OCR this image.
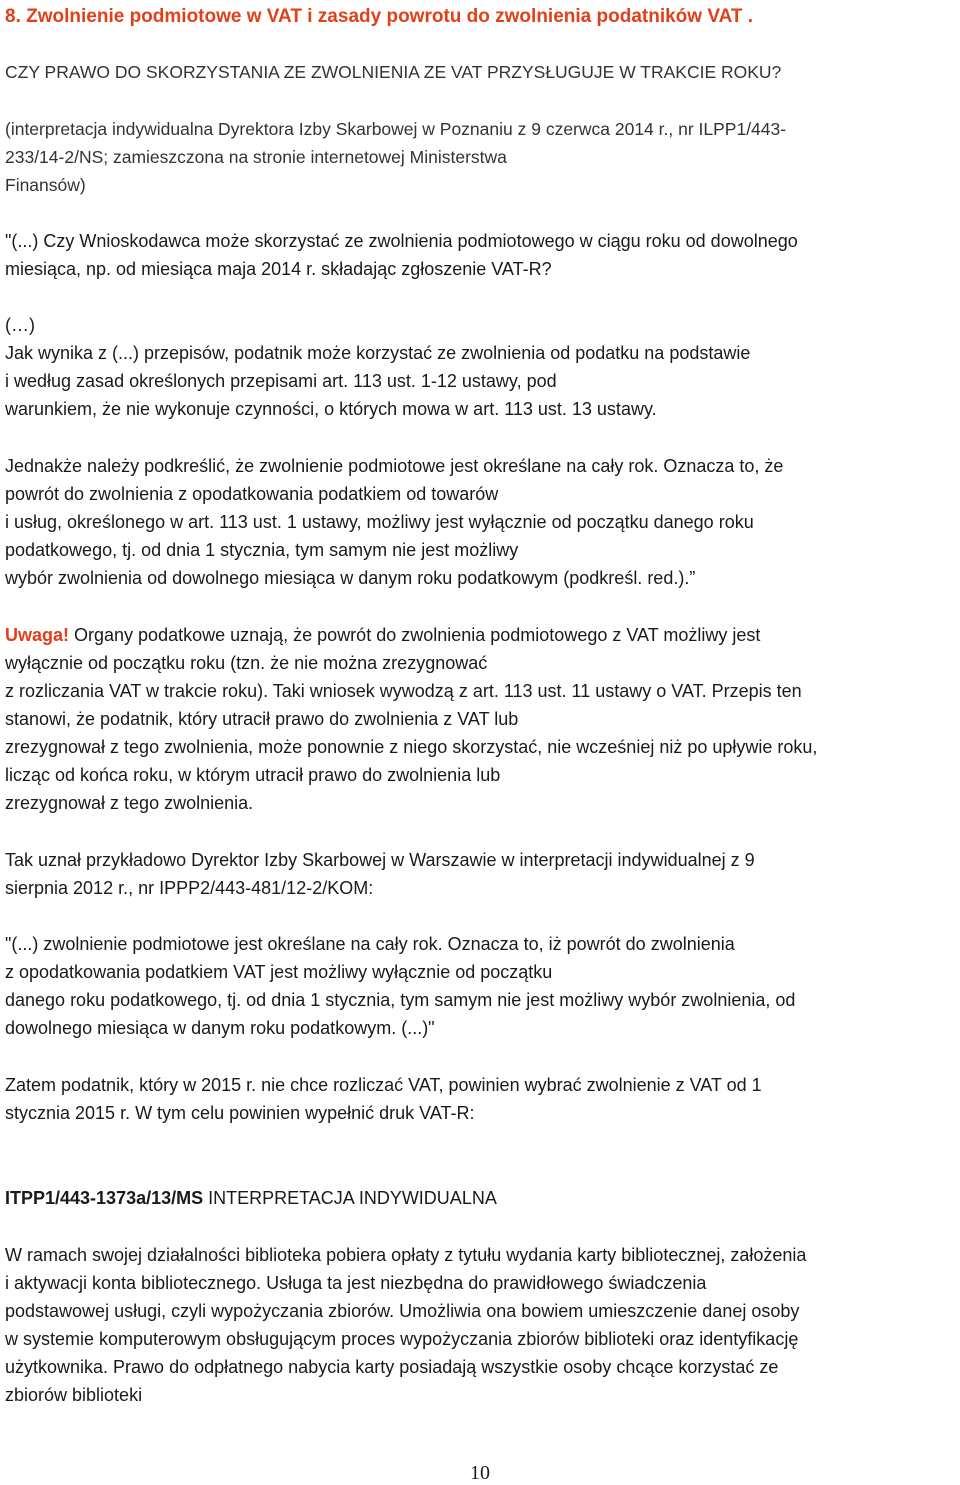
8. Zwolnienie podmiotowe w VAT i zasady powrotu do zwolnienia podatników VAT .
CZY PRAWO DO SKORZYSTANIA ZE ZWOLNIENIA ZE VAT PRZYSŁUGUJE W TRAKCIE ROKU?
(interpretacja indywidualna Dyrektora Izby Skarbowej w Poznaniu z 9 czerwca 2014 r., nr ILPP1/443-
233/14-2/NS; zamieszczona na stronie internetowej Ministerstwa
Finansów)
"(...) Czy Wnioskodawca może skorzystać ze zwolnienia podmiotowego w ciągu roku od dowolnego
miesiąca, np. od miesiąca maja 2014 r. składając zgłoszenie VAT-R?
(…)
Jak wynika z (...) przepisów, podatnik może korzystać ze zwolnienia od podatku na podstawie
i według zasad określonych przepisami art. 113 ust. 1-12 ustawy, pod
warunkiem, że nie wykonuje czynności, o których mowa w art. 113 ust. 13 ustawy.
Jednakże należy podkreślić, że zwolnienie podmiotowe jest określane na cały rok. Oznacza to, że
powrót do zwolnienia z opodatkowania podatkiem od towarów
i usług, określonego w art. 113 ust. 1 ustawy, możliwy jest wyłącznie od początku danego roku
podatkowego, tj. od dnia 1 stycznia, tym samym nie jest możliwy
wybór zwolnienia od dowolnego miesiąca w danym roku podatkowym (podkreśl. red.).”
Uwaga! Organy podatkowe uznają, że powrót do zwolnienia podmiotowego z VAT możliwy jest
wyłącznie od początku roku (tzn. że nie można zrezygnować
z rozliczania VAT w trakcie roku). Taki wniosek wywodzą z art. 113 ust. 11 ustawy o VAT. Przepis ten
stanowi, że podatnik, który utracił prawo do zwolnienia z VAT lub
zrezygnował z tego zwolnienia, może ponownie z niego skorzystać, nie wcześniej niż po upływie roku,
licząc od końca roku, w którym utracił prawo do zwolnienia lub
zrezygnował z tego zwolnienia.
Tak uznał przykładowo Dyrektor Izby Skarbowej w Warszawie w interpretacji indywidualnej z 9
sierpnia 2012 r., nr IPPP2/443-481/12-2/KOM:
"(...) zwolnienie podmiotowe jest określane na cały rok. Oznacza to, iż powrót do zwolnienia
z opodatkowania podatkiem VAT jest możliwy wyłącznie od początku
danego roku podatkowego, tj. od dnia 1 stycznia, tym samym nie jest możliwy wybór zwolnienia, od
dowolnego miesiąca w danym roku podatkowym. (...)"
Zatem podatnik, który w 2015 r. nie chce rozliczać VAT, powinien wybrać zwolnienie z VAT od 1
stycznia 2015 r. W tym celu powinien wypełnić druk VAT-R:
ITPP1/443-1373a/13/MS INTERPRETACJA INDYWIDUALNA
W ramach swojej działalności biblioteka pobiera opłaty z tytułu wydania karty bibliotecznej, założenia
i aktywacji konta bibliotecznego. Usługa ta jest niezbędna do prawidłowego świadczenia
podstawowej usługi, czyli wypożyczania zbiorów. Umożliwia ona bowiem umieszczenie danej osoby
w systemie komputerowym obsługującym proces wypożyczania zbiorów biblioteki oraz identyfikację
użytkownika. Prawo do odpłatnego nabycia karty posiadają wszystkie osoby chcące korzystać ze
zbiorów biblioteki
10
